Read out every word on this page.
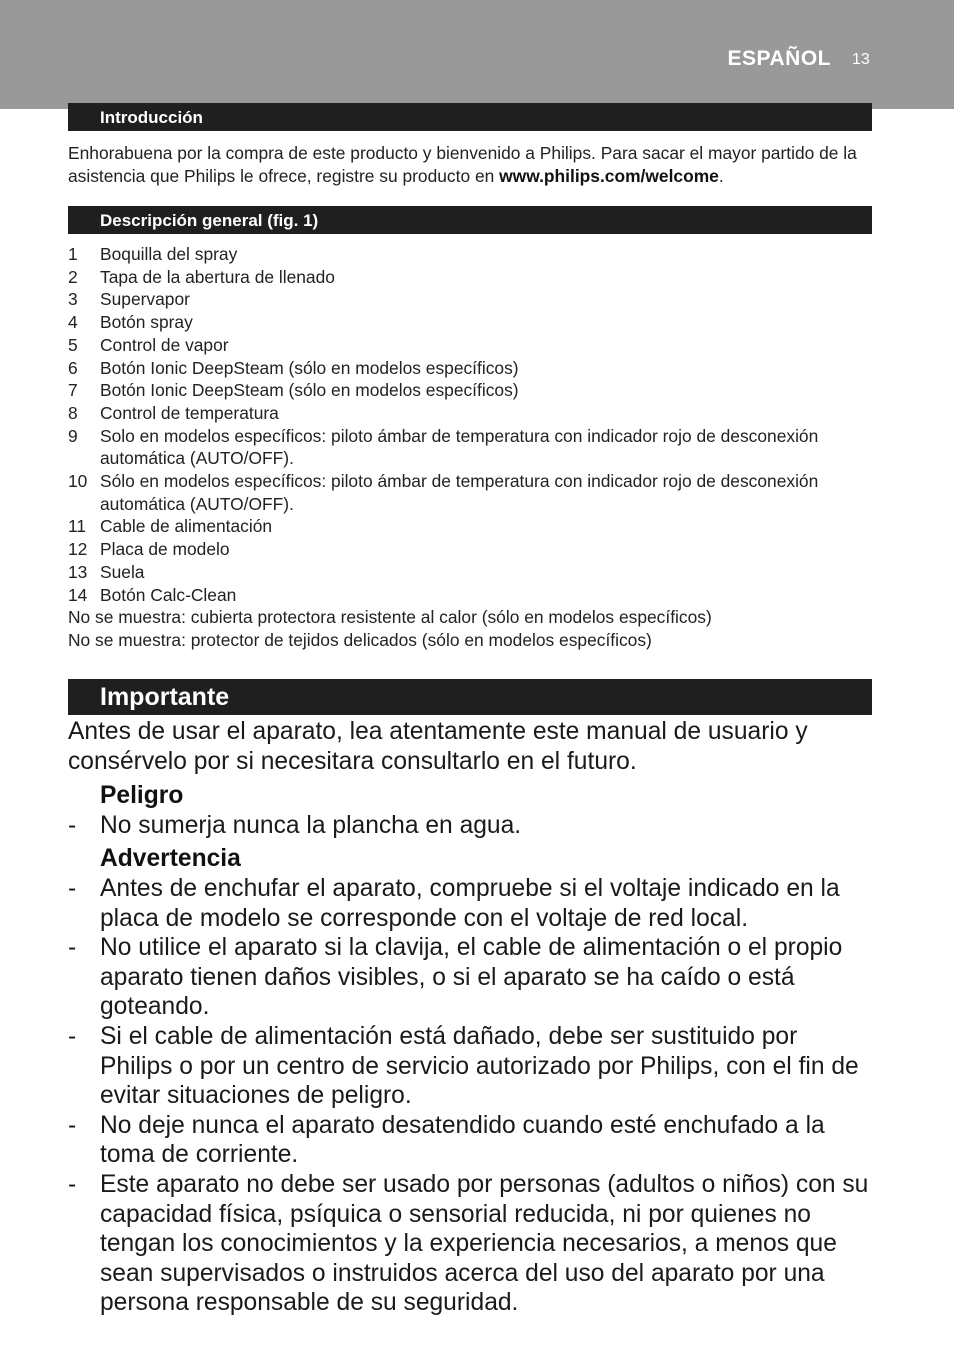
ESPAÑOL 13
Introducción
Enhorabuena por la compra de este producto y bienvenido a Philips. Para sacar el mayor partido de la asistencia que Philips le ofrece, registre su producto en www.philips.com/welcome.
Descripción general (fig. 1)
1	Boquilla del spray
2	Tapa de la abertura de llenado
3	Supervapor
4	Botón spray
5	Control de vapor
6	Botón Ionic DeepSteam (sólo en modelos específicos)
7	Botón Ionic DeepSteam (sólo en modelos específicos)
8	Control de temperatura
9	Solo en modelos específicos: piloto ámbar de temperatura con indicador rojo de desconexión automática (AUTO/OFF).
10 Sólo en modelos específicos: piloto ámbar de temperatura con indicador rojo de desconexión automática (AUTO/OFF).
11 Cable de alimentación
12 Placa de modelo
13 Suela
14 Botón Calc-Clean
No se muestra: cubierta protectora resistente al calor (sólo en modelos específicos)
No se muestra: protector de tejidos delicados (sólo en modelos específicos)
Importante
Antes de usar el aparato, lea atentamente este manual de usuario y consérvelo por si necesitara consultarlo en el futuro.
Peligro
- No sumerja nunca la plancha en agua.
Advertencia
- Antes de enchufar el aparato, compruebe si el voltaje indicado en la placa de modelo se corresponde con el voltaje de red local.
- No utilice el aparato si la clavija, el cable de alimentación o el propio aparato tienen daños visibles, o si el aparato se ha caído o está goteando.
- Si el cable de alimentación está dañado, debe ser sustituido por Philips o por un centro de servicio autorizado por Philips, con el fin de evitar situaciones de peligro.
- No deje nunca el aparato desatendido cuando esté enchufado a la toma de corriente.
- Este aparato no debe ser usado por personas (adultos o niños) con su capacidad física, psíquica o sensorial reducida, ni por quienes no tengan los conocimientos y la experiencia necesarios, a menos que sean supervisados o instruidos acerca del uso del aparato por una persona responsable de su seguridad.
